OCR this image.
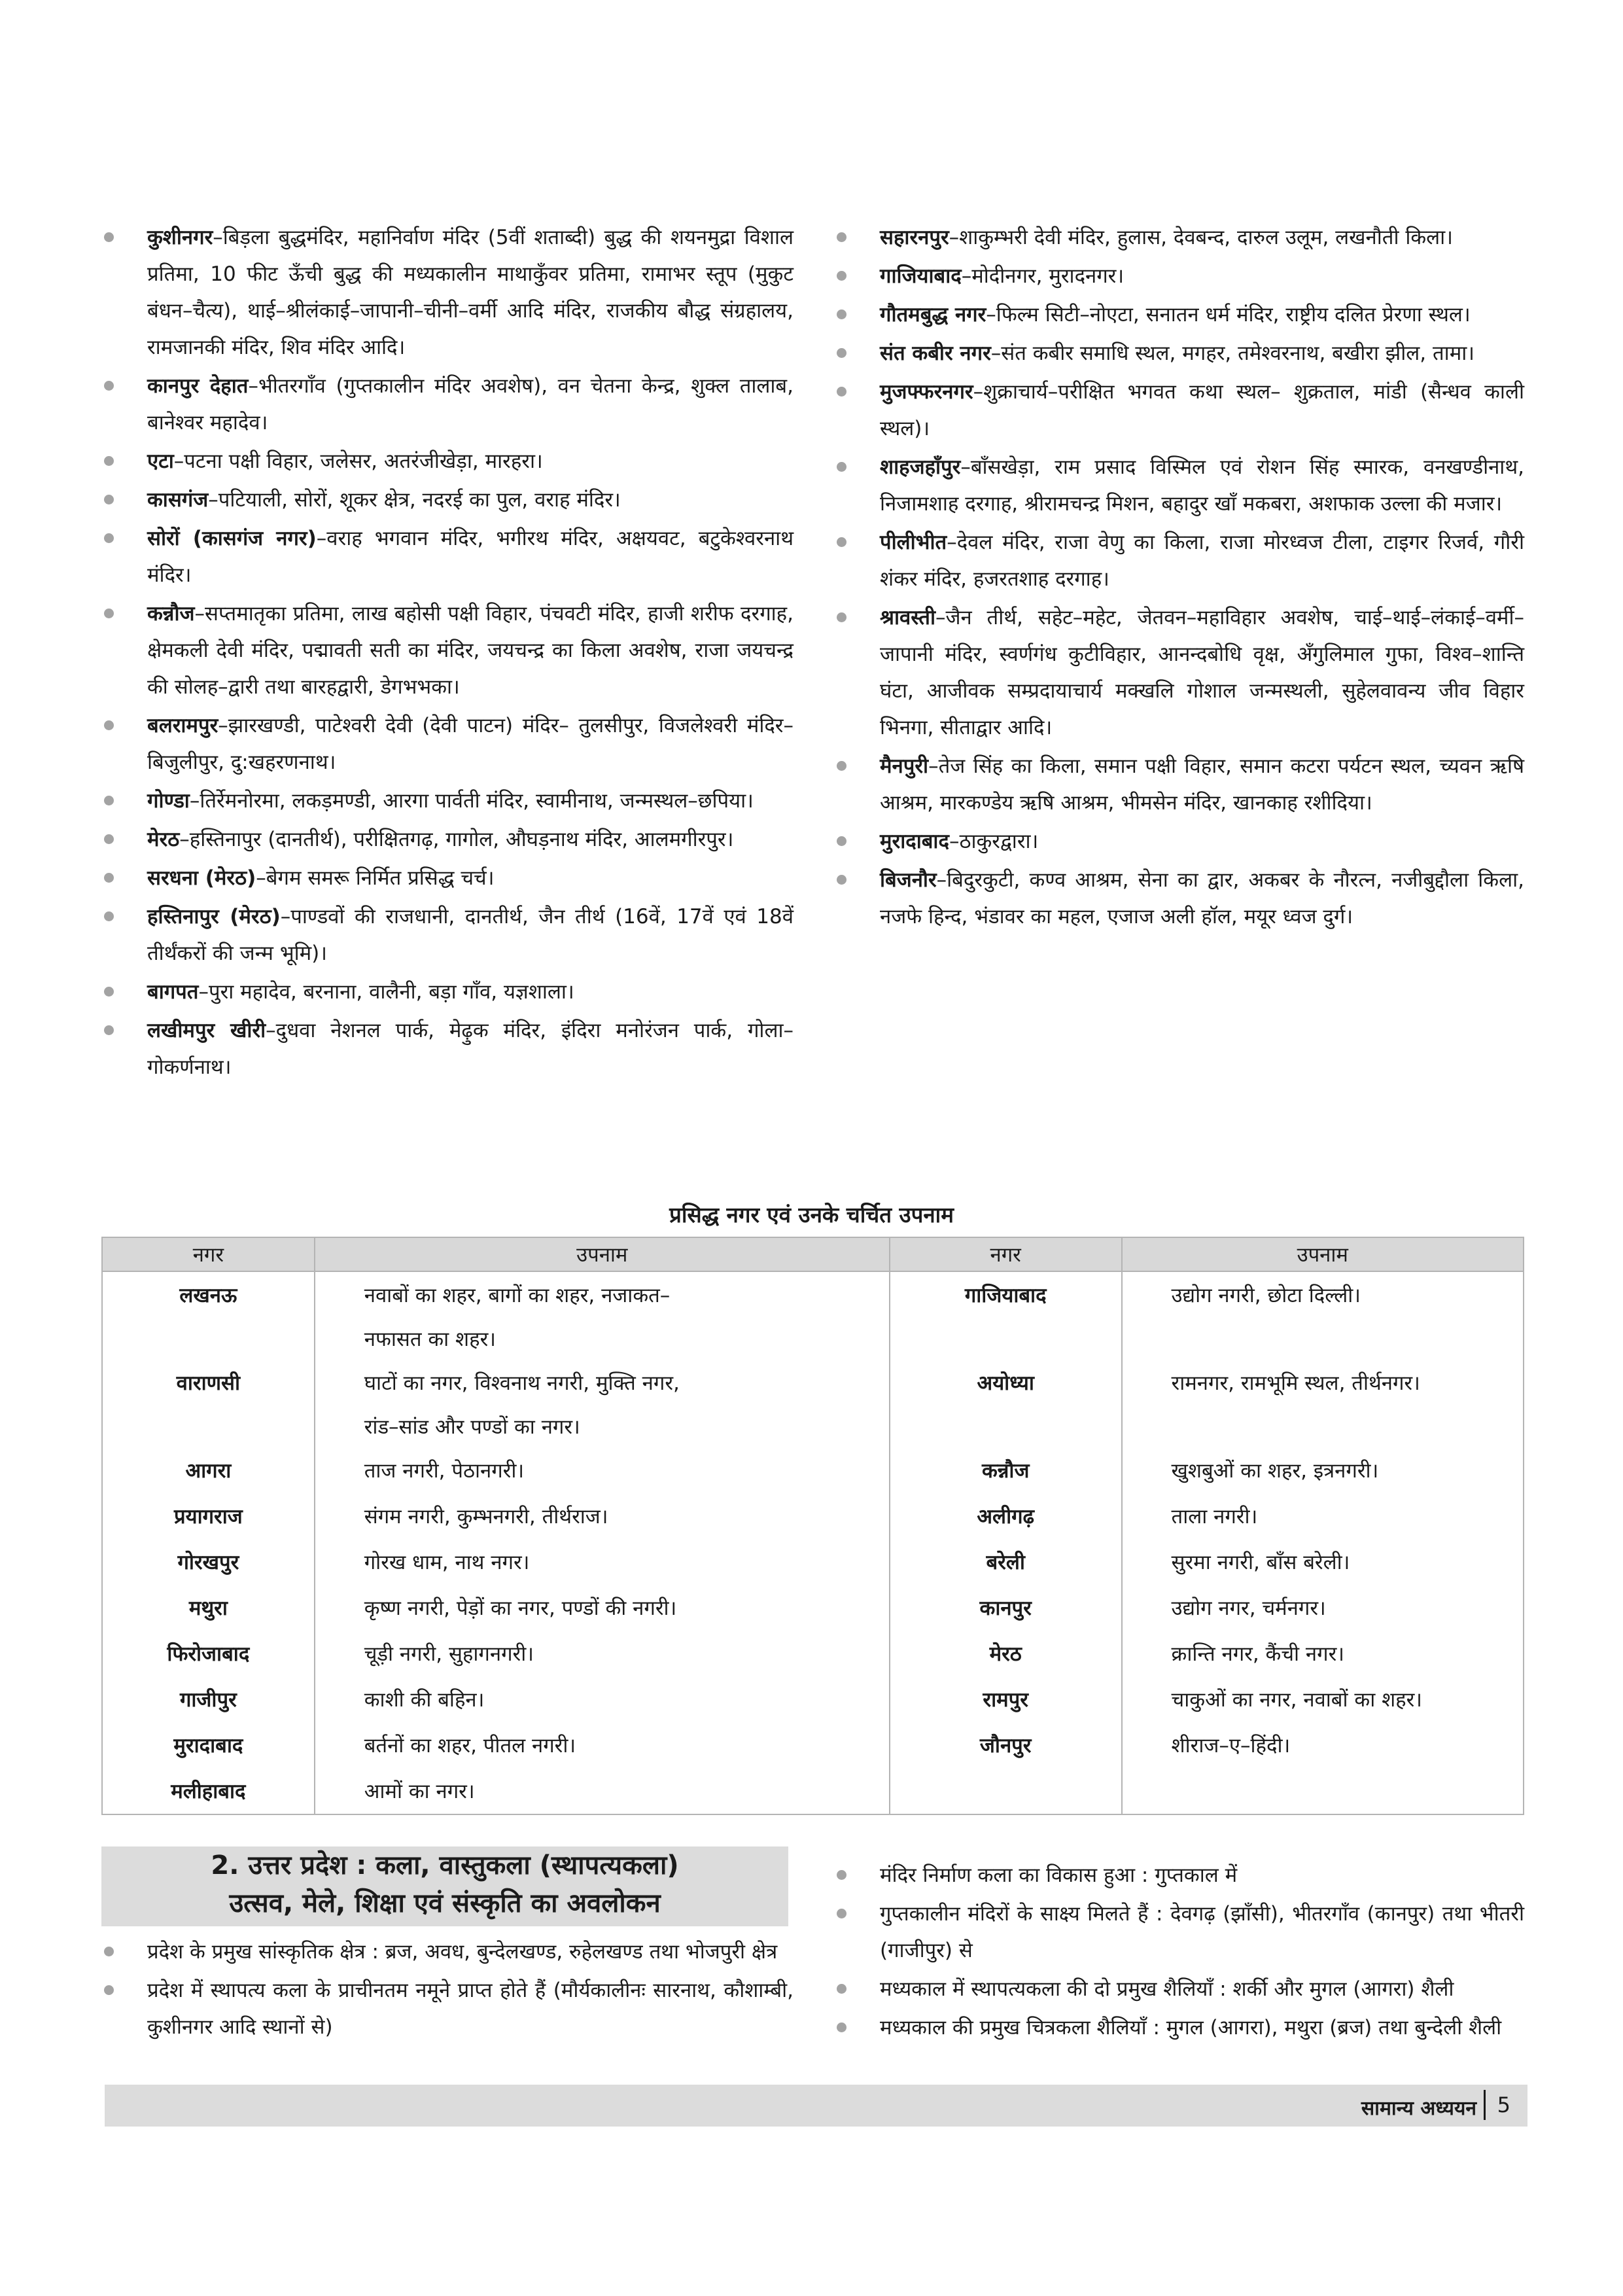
कुशीनगर–बिड़ला बुद्धमंदिर, महानिर्वाण मंदिर (5वीं शताब्दी) बुद्ध की शयनमुद्रा विशाल प्रतिमा, 10 फीट ऊँची बुद्ध की मध्यकालीन माथाकुँवर प्रतिमा, रामाभर स्तूप (मुकुट बंधन–चैत्य), थाई–श्रीलंकाई–जापानी–चीनी–वर्मी आदि मंदिर, राजकीय बौद्ध संग्रहालय, रामजानकी मंदिर, शिव मंदिर आदि।
कानपुर देहात–भीतरगाँव (गुप्तकालीन मंदिर अवशेष), वन चेतना केन्द्र, शुक्ल तालाब, बानेश्वर महादेव।
एटा–पटना पक्षी विहार, जलेसर, अतरंजीखेड़ा, मारहरा।
कासगंज–पटियाली, सोरों, शूकर क्षेत्र, नदरई का पुल, वराह मंदिर।
सोरों (कासगंज नगर)–वराह भगवान मंदिर, भगीरथ मंदिर, अक्षयवट, बटुकेश्वरनाथ मंदिर।
कन्नौज–सप्तमातृका प्रतिमा, लाख बहोसी पक्षी विहार, पंचवटी मंदिर, हाजी शरीफ दरगाह, क्षेमकली देवी मंदिर, पद्मावती सती का मंदिर, जयचन्द्र का किला अवशेष, राजा जयचन्द्र की सोलह–द्वारी तथा बारहद्वारी, डेगभभका।
बलरामपुर–झारखण्डी, पाटेश्वरी देवी (देवी पाटन) मंदिर– तुलसीपुर, विजलेश्वरी मंदिर– बिजुलीपुर, दु:खहरणनाथ।
गोण्डा–तिर्रेमनोरमा, लकड़मण्डी, आरगा पार्वती मंदिर, स्वामीनाथ, जन्मस्थल–छपिया।
मेरठ–हस्तिनापुर (दानतीर्थ), परीक्षितगढ़, गागोल, औघड़नाथ मंदिर, आलमगीरपुर।
सरधना (मेरठ)–बेगम समरू निर्मित प्रसिद्ध चर्च।
हस्तिनापुर (मेरठ)–पाण्डवों की राजधानी, दानतीर्थ, जैन तीर्थ (16वें, 17वें एवं 18वें तीर्थंकरों की जन्म भूमि)।
बागपत–पुरा महादेव, बरनाना, वालैनी, बड़ा गाँव, यज्ञशाला।
लखीमपुर खीरी–दुधवा नेशनल पार्क, मेढ़ुक मंदिर, इंदिरा मनोरंजन पार्क, गोला–गोकर्णनाथ।
सहारनपुर–शाकुम्भरी देवी मंदिर, हुलास, देवबन्द, दारुल उलूम, लखनौती किला।
गाजियाबाद–मोदीनगर, मुरादनगर।
गौतमबुद्ध नगर–फिल्म सिटी–नोएटा, सनातन धर्म मंदिर, राष्ट्रीय दलित प्रेरणा स्थल।
संत कबीर नगर–संत कबीर समाधि स्थल, मगहर, तमेश्वरनाथ, बखीरा झील, तामा।
मुजफ्फरनगर–शुक्राचार्य–परीक्षित भगवत कथा स्थल– शुक्रताल, मांडी (सैन्धव काली स्थल)।
शाहजहाँपुर–बाँसखेड़ा, राम प्रसाद विस्मिल एवं रोशन सिंह स्मारक, वनखण्डीनाथ, निजामशाह दरगाह, श्रीरामचन्द्र मिशन, बहादुर खाँ मकबरा, अशफाक उल्ला की मजार।
पीलीभीत–देवल मंदिर, राजा वेणु का किला, राजा मोरध्वज टीला, टाइगर रिजर्व, गौरी शंकर मंदिर, हजरतशाह दरगाह।
श्रावस्ती–जैन तीर्थ, सहेट–महेट, जेतवन–महाविहार अवशेष, चाई–थाई–लंकाई–वर्मी–जापानी मंदिर, स्वर्णगंध कुटीविहार, आनन्दबोधि वृक्ष, अँगुलिमाल गुफा, विश्व–शान्ति घंटा, आजीवक सम्प्रदायाचार्य मक्खलि गोशाल जन्मस्थली, सुहेलवावन्य जीव विहार भिनगा, सीताद्वार आदि।
मैनपुरी–तेज सिंह का किला, समान पक्षी विहार, समान कटरा पर्यटन स्थल, च्यवन ऋषि आश्रम, मारकण्डेय ऋषि आश्रम, भीमसेन मंदिर, खानकाह रशीदिया।
मुरादाबाद–ठाकुरद्वारा।
बिजनौर–बिदुरकुटी, कण्व आश्रम, सेना का द्वार, अकबर के नौरत्न, नजीबुद्दौला किला, नजफे हिन्द, भंडावर का महल, एजाज अली हॉल, मयूर ध्वज दुर्ग।
प्रसिद्ध नगर एवं उनके चर्चित उपनाम
नगर	उपनाम	नगर	उपनाम
लखनऊ	नवाबों का शहर, बागों का शहर, नजाकत–	गाजियाबाद	उद्योग नगरी, छोटा दिल्ली।
	नफासत का शहर।		
वाराणसी	घाटों का नगर, विश्वनाथ नगरी, मुक्ति नगर,	अयोध्या	रामनगर, रामभूमि स्थल, तीर्थनगर।
	रांड–सांड और पण्डों का नगर।		
आगरा	ताज नगरी, पेठानगरी।	कन्नौज	खुशबुओं का शहर, इत्रनगरी।
प्रयागराज	संगम नगरी, कुम्भनगरी, तीर्थराज।	अलीगढ़	ताला नगरी।
गोरखपुर	गोरख धाम, नाथ नगर।	बरेली	सुरमा नगरी, बाँस बरेली।
मथुरा	कृष्ण नगरी, पेड़ों का नगर, पण्डों की नगरी।	कानपुर	उद्योग नगर, चर्मनगर।
फिरोजाबाद	चूड़ी नगरी, सुहागनगरी।	मेरठ	क्रान्ति नगर, कैंची नगर।
गाजीपुर	काशी की बहिन।	रामपुर	चाकुओं का नगर, नवाबों का शहर।
मुरादाबाद	बर्तनों का शहर, पीतल नगरी।	जौनपुर	शीराज–ए–हिंदी।
मलीहाबाद	आमों का नगर।		
2. उत्तर प्रदेश : कला, वास्तुकला (स्थापत्यकला)
उत्सव, मेले, शिक्षा एवं संस्कृति का अवलोकन
प्रदेश के प्रमुख सांस्कृतिक क्षेत्र : ब्रज, अवध, बुन्देलखण्ड, रुहेलखण्ड तथा भोजपुरी क्षेत्र
प्रदेश में स्थापत्य कला के प्राचीनतम नमूने प्राप्त होते हैं (मौर्यकालीनः सारनाथ, कौशाम्बी, कुशीनगर आदि स्थानों से)
मंदिर निर्माण कला का विकास हुआ : गुप्तकाल में
गुप्तकालीन मंदिरों के साक्ष्य मिलते हैं : देवगढ़ (झाँसी), भीतरगाँव (कानपुर) तथा भीतरी (गाजीपुर) से
मध्यकाल में स्थापत्यकला की दो प्रमुख शैलियाँ : शर्की और मुगल (आगरा) शैली
मध्यकाल की प्रमुख चित्रकला शैलियाँ : मुगल (आगरा), मथुरा (ब्रज) तथा बुन्देली शैली
सामान्य अध्ययन 5
